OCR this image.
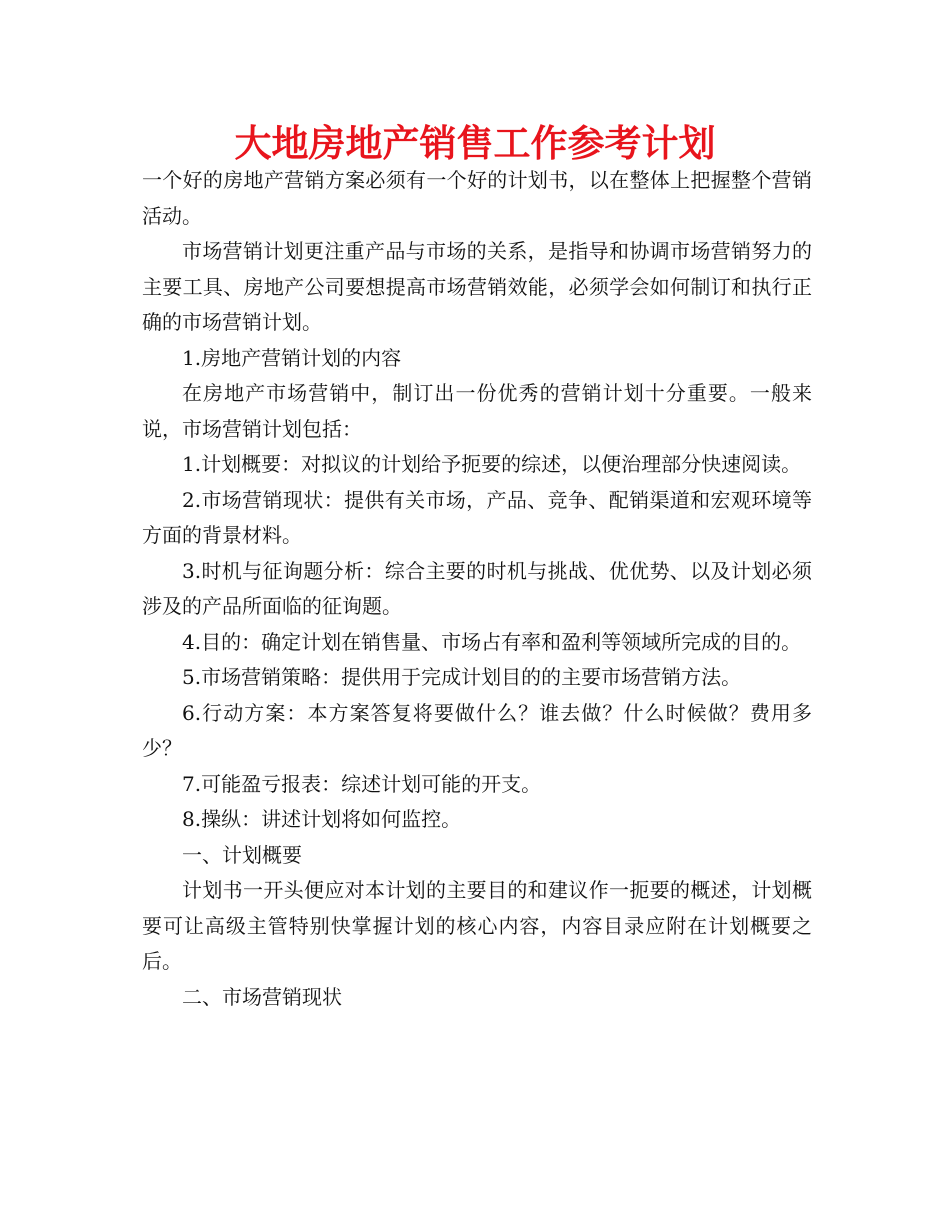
大地房地产销售工作参考计划

一个好的房地产营销方案必须有一个好的计划书，以在整体上把握整个营销活动。

市场营销计划更注重产品与市场的关系，是指导和协调市场营销努力的主要工具、房地产公司要想提高市场营销效能，必须学会如何制订和执行正确的市场营销计划。

1.房地产营销计划的内容

在房地产市场营销中，制订出一份优秀的营销计划十分重要。一般来说，市场营销计划包括：

1.计划概要：对拟议的计划给予扼要的综述，以便治理部分快速阅读。

2.市场营销现状：提供有关市场，产品、竞争、配销渠道和宏观环境等方面的背景材料。

3.时机与征询题分析：综合主要的时机与挑战、优优势、以及计划必须涉及的产品所面临的征询题。

4.目的：确定计划在销售量、市场占有率和盈利等领域所完成的目的。

5.市场营销策略：提供用于完成计划目的的主要市场营销方法。

6.行动方案：本方案答复将要做什么？谁去做？什么时候做？费用多少？

7.可能盈亏报表：综述计划可能的开支。

8.操纵：讲述计划将如何监控。

一、计划概要

计划书一开头便应对本计划的主要目的和建议作一扼要的概述，计划概要可让高级主管特别快掌握计划的核心内容，内容目录应附在计划概要之后。

二、市场营销现状
